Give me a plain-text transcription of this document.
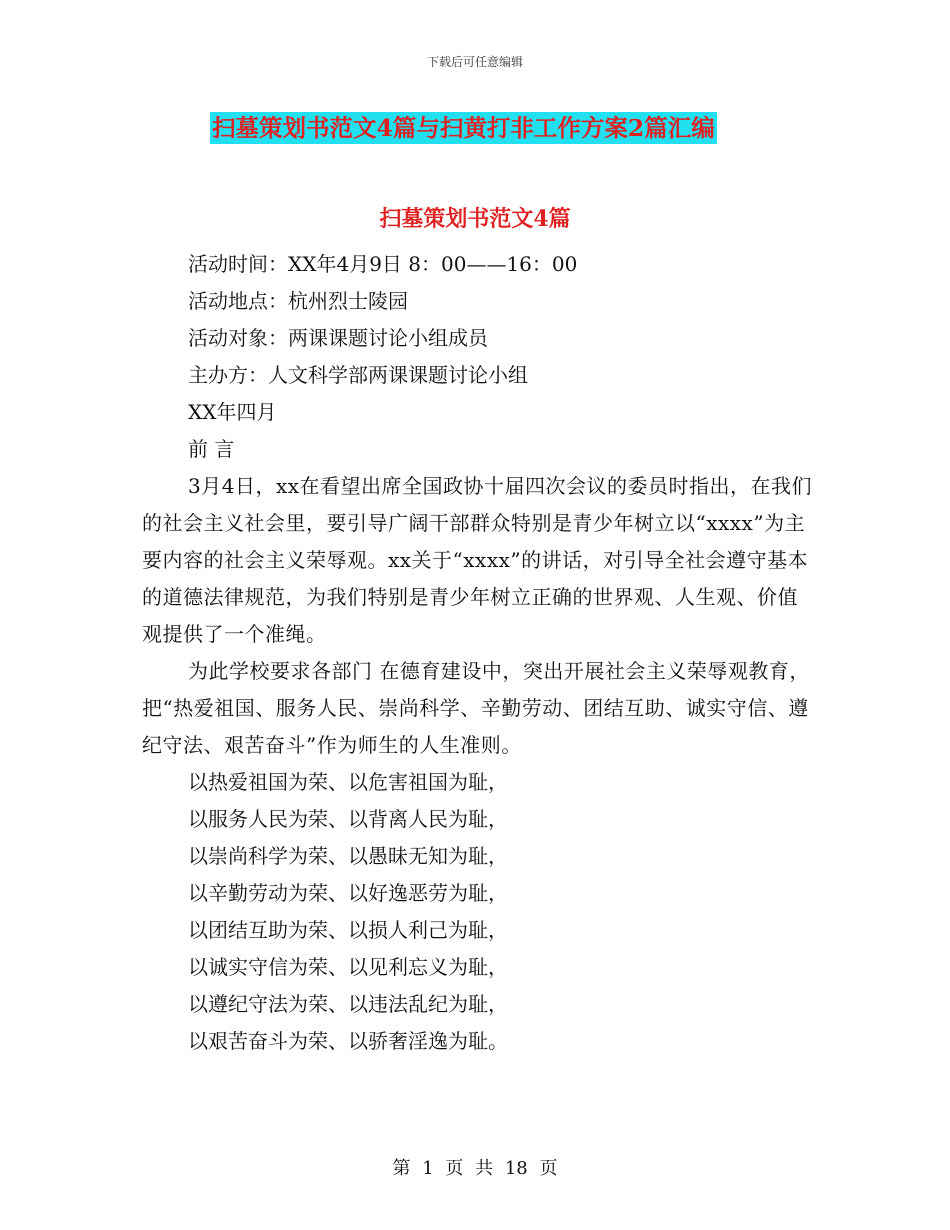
下载后可任意编辑
扫墓策划书范文4篇与扫黄打非工作方案2篇汇编
扫墓策划书范文4篇
活动时间：XX年4月9日 8：00——16：00
活动地点：杭州烈士陵园
活动对象：两课课题讨论小组成员
主办方：人文科学部两课课题讨论小组
XX年四月
前 言

3月4日，xx在看望出席全国政协十届四次会议的委员时指出，在我们的社会主义社会里，要引导广阔干部群众特别是青少年树立以“xxxx”为主要内容的社会主义荣辱观。xx关于“xxxx”的讲话，对引导全社会遵守基本的道德法律规范，为我们特别是青少年树立正确的世界观、人生观、价值观提供了一个准绳。

为此学校要求各部门 在德育建设中，突出开展社会主义荣辱观教育，把“热爱祖国、服务人民、崇尚科学、辛勤劳动、团结互助、诚实守信、遵纪守法、艰苦奋斗”作为师生的人生准则。

以热爱祖国为荣、以危害祖国为耻，
以服务人民为荣、以背离人民为耻，
以崇尚科学为荣、以愚昧无知为耻，
以辛勤劳动为荣、以好逸恶劳为耻，
以团结互助为荣、以损人利己为耻，
以诚实守信为荣、以见利忘义为耻，
以遵纪守法为荣、以违法乱纪为耻，
以艰苦奋斗为荣、以骄奢淫逸为耻。
第 1 页 共 18 页
